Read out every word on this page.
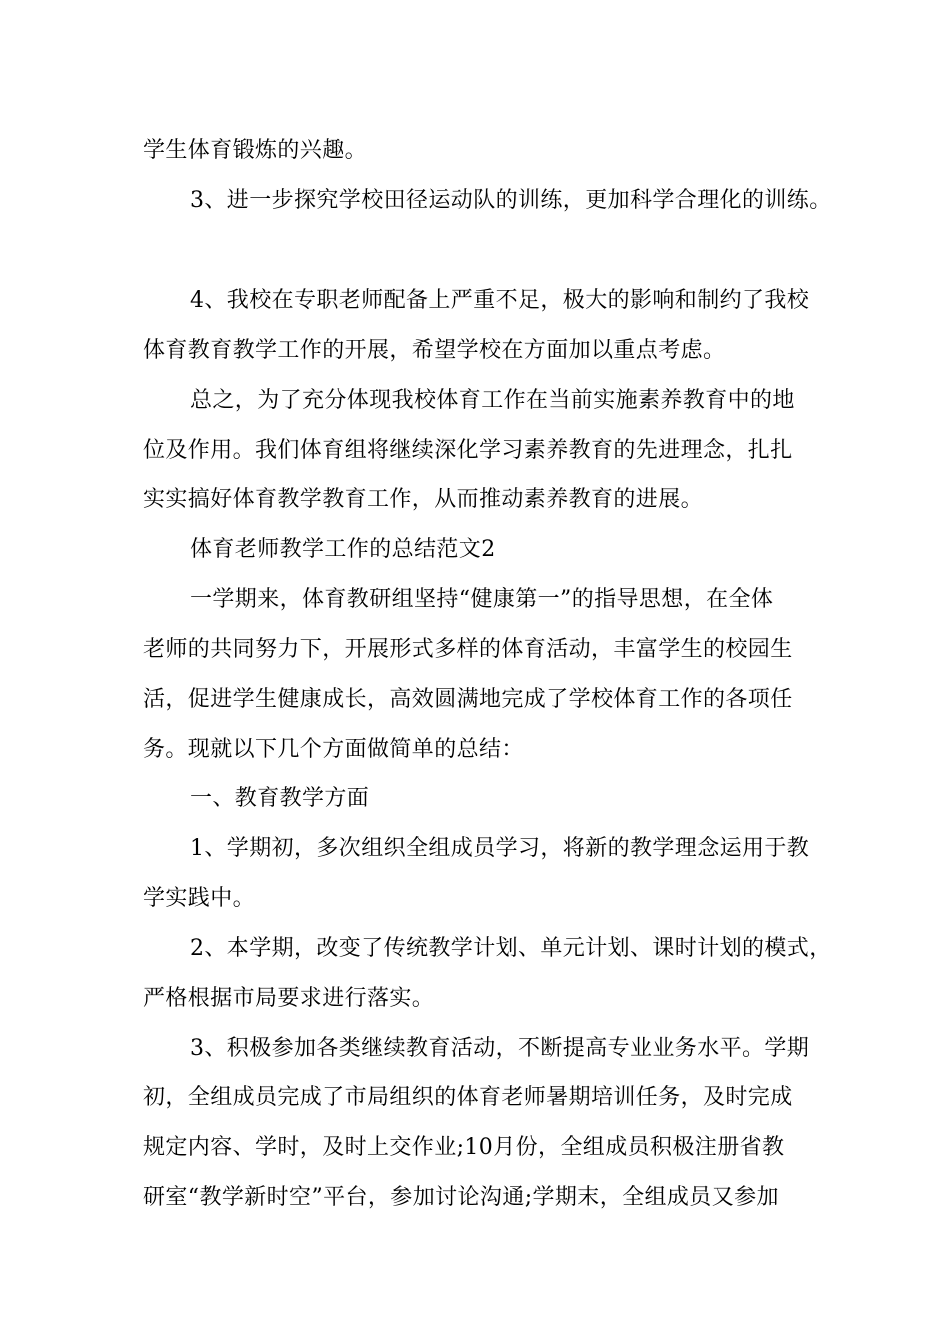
学生体育锻炼的兴趣。
3、进一步探究学校田径运动队的训练，更加科学合理化的训练。
4、我校在专职老师配备上严重不足，极大的影响和制约了我校
体育教育教学工作的开展，希望学校在方面加以重点考虑。
总之，为了充分体现我校体育工作在当前实施素养教育中的地
位及作用。我们体育组将继续深化学习素养教育的先进理念，扎扎
实实搞好体育教学教育工作，从而推动素养教育的进展。
体育老师教学工作的总结范文2
一学期来，体育教研组坚持“健康第一”的指导思想，在全体
老师的共同努力下，开展形式多样的体育活动，丰富学生的校园生
活，促进学生健康成长，高效圆满地完成了学校体育工作的各项任
务。现就以下几个方面做简单的总结：
一、教育教学方面
1、学期初，多次组织全组成员学习，将新的教学理念运用于教
学实践中。
2、本学期，改变了传统教学计划、单元计划、课时计划的模式，
严格根据市局要求进行落实。
3、积极参加各类继续教育活动，不断提高专业业务水平。学期
初，全组成员完成了市局组织的体育老师暑期培训任务，及时完成
规定内容、学时，及时上交作业;10月份，全组成员积极注册省教
研室“教学新时空”平台，参加讨论沟通;学期末，全组成员又参加
